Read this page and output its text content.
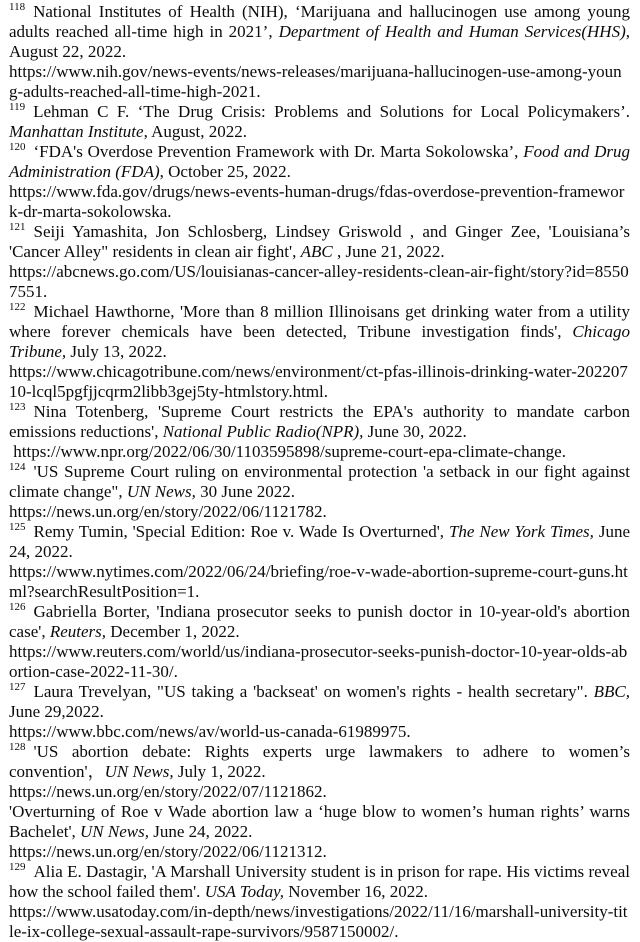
$^{118}$ National Institutes of Health (NIH), ‘Marijuana and hallucinogen use among young adults reached all-time high in 2021’, Department of Health and Human Services(HHS), August 22, 2022.

https://www.nih.gov/news-events/news-releases/marijuana-hallucinogen-use-among-young-adults-reached-all-time-high-2021.

$^{119}$ Lehman C F. ‘The Drug Crisis: Problems and Solutions for Local Policymakers’. Manhattan Institute, August, 2022.

$^{120}$ ‘FDA's Overdose Prevention Framework with Dr. Marta Sokolowska’, Food and Drug Administration (FDA), October 25, 2022.

https://www.fda.gov/drugs/news-events-human-drugs/fdas-overdose-prevention-framework-dr-marta-sokolowska.

$^{121}$ Seiji Yamashita, Jon Schlosberg, Lindsey Griswold , and Ginger Zee, 'Louisiana’s 'Cancer Alley" residents in clean air fight', ABC , June 21, 2022.

https://abcnews.go.com/US/louisianas-cancer-alley-residents-clean-air-fight/story?id=85507551.

$^{122}$ Michael Hawthorne, 'More than 8 million Illinoisans get drinking water from a utility where forever chemicals have been detected, Tribune investigation finds', Chicago Tribune, July 13, 2022.

https://www.chicagotribune.com/news/environment/ct-pfas-illinois-drinking-water-20220710-lcql5pgfjjcqrm2libb3gej5ty-htmlstory.html.

$^{123}$ Nina Totenberg, 'Supreme Court restricts the EPA's authority to mandate carbon emissions reductions', National Public Radio(NPR), June 30, 2022.

https://www.npr.org/2022/06/30/1103595898/supreme-court-epa-climate-change.

$^{124}$ 'US Supreme Court ruling on environmental protection 'a setback in our fight against climate change", UN News, 30 June 2022.

https://news.un.org/en/story/2022/06/1121782.

$^{125}$ Remy Tumin, 'Special Edition: Roe v. Wade Is Overturned', The New York Times, June 24, 2022.

https://www.nytimes.com/2022/06/24/briefing/roe-v-wade-abortion-supreme-court-guns.html?searchResultPosition=1.

$^{126}$ Gabriella Borter, 'Indiana prosecutor seeks to punish doctor in 10-year-old's abortion case', Reuters, December 1, 2022.

https://www.reuters.com/world/us/indiana-prosecutor-seeks-punish-doctor-10-year-olds-abortion-case-2022-11-30/.

$^{127}$ Laura Trevelyan, "US taking a 'backseat' on women's rights - health secretary". BBC, June 29,2022.

https://www.bbc.com/news/av/world-us-canada-61989975.

$^{128}$ 'US abortion debate: Rights experts urge lawmakers to adhere to women’s convention'，UN News, July 1, 2022.

https://news.un.org/en/story/2022/07/1121862.

'Overturning of Roe v Wade abortion law a ‘huge blow to women’s human rights’ warns Bachelet', UN News, June 24, 2022.

https://news.un.org/en/story/2022/06/1121312.

$^{129}$ Alia E. Dastagir, 'A Marshall University student is in prison for rape. His victims reveal how the school failed them'. USA Today, November 16, 2022.

https://www.usatoday.com/in-depth/news/investigations/2022/11/16/marshall-university-title-ix-college-sexual-assault-rape-survivors/9587150002/.
